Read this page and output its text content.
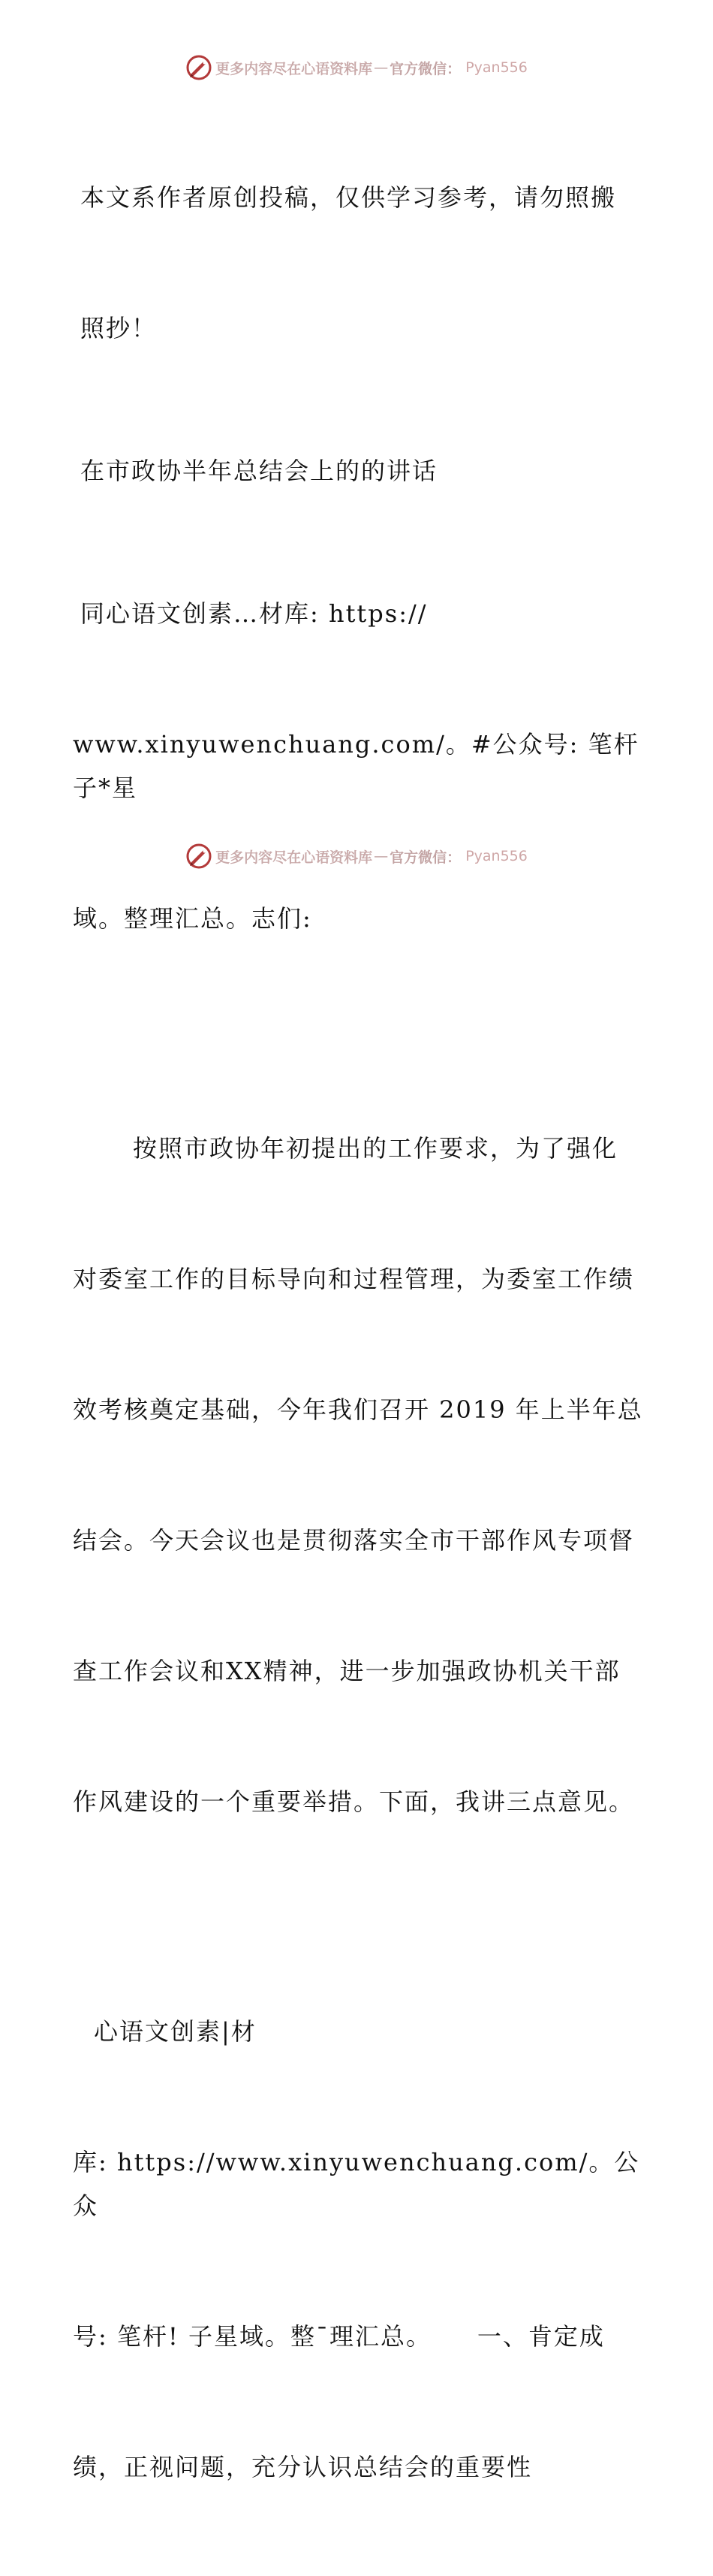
更多内容尽在心语资料库 — 官方微信： Pyan556

本文系作者原创投稿，仅供学习参考，请勿照搬

照抄！

在市政协半年总结会上的的讲话

同心语文创素…材库: https://

www.xinyuwenchuang.com/。#公众号: 笔杆子*星

域。整理汇总。志们:

按照市政协年初提出的工作要求，为了强化

对委室工作的目标导向和过程管理，为委室工作绩

效考核奠定基础，今年我们召开 2019 年上半年总

结会。今天会议也是贯彻落实全市干部作风专项督

查工作会议和XX精神，进一步加强政协机关干部

作风建设的一个重要举措。下面，我讲三点意见。

心语文创素|材

库: https://www.xinyuwenchuang.com/。公众

号: 笔杆! 子星域。整¯理汇总。     一、肯定成

绩，正视问题，充分认识总结会的重要性

更多内容尽在心语资料库 — 官方微信： Pyan556
